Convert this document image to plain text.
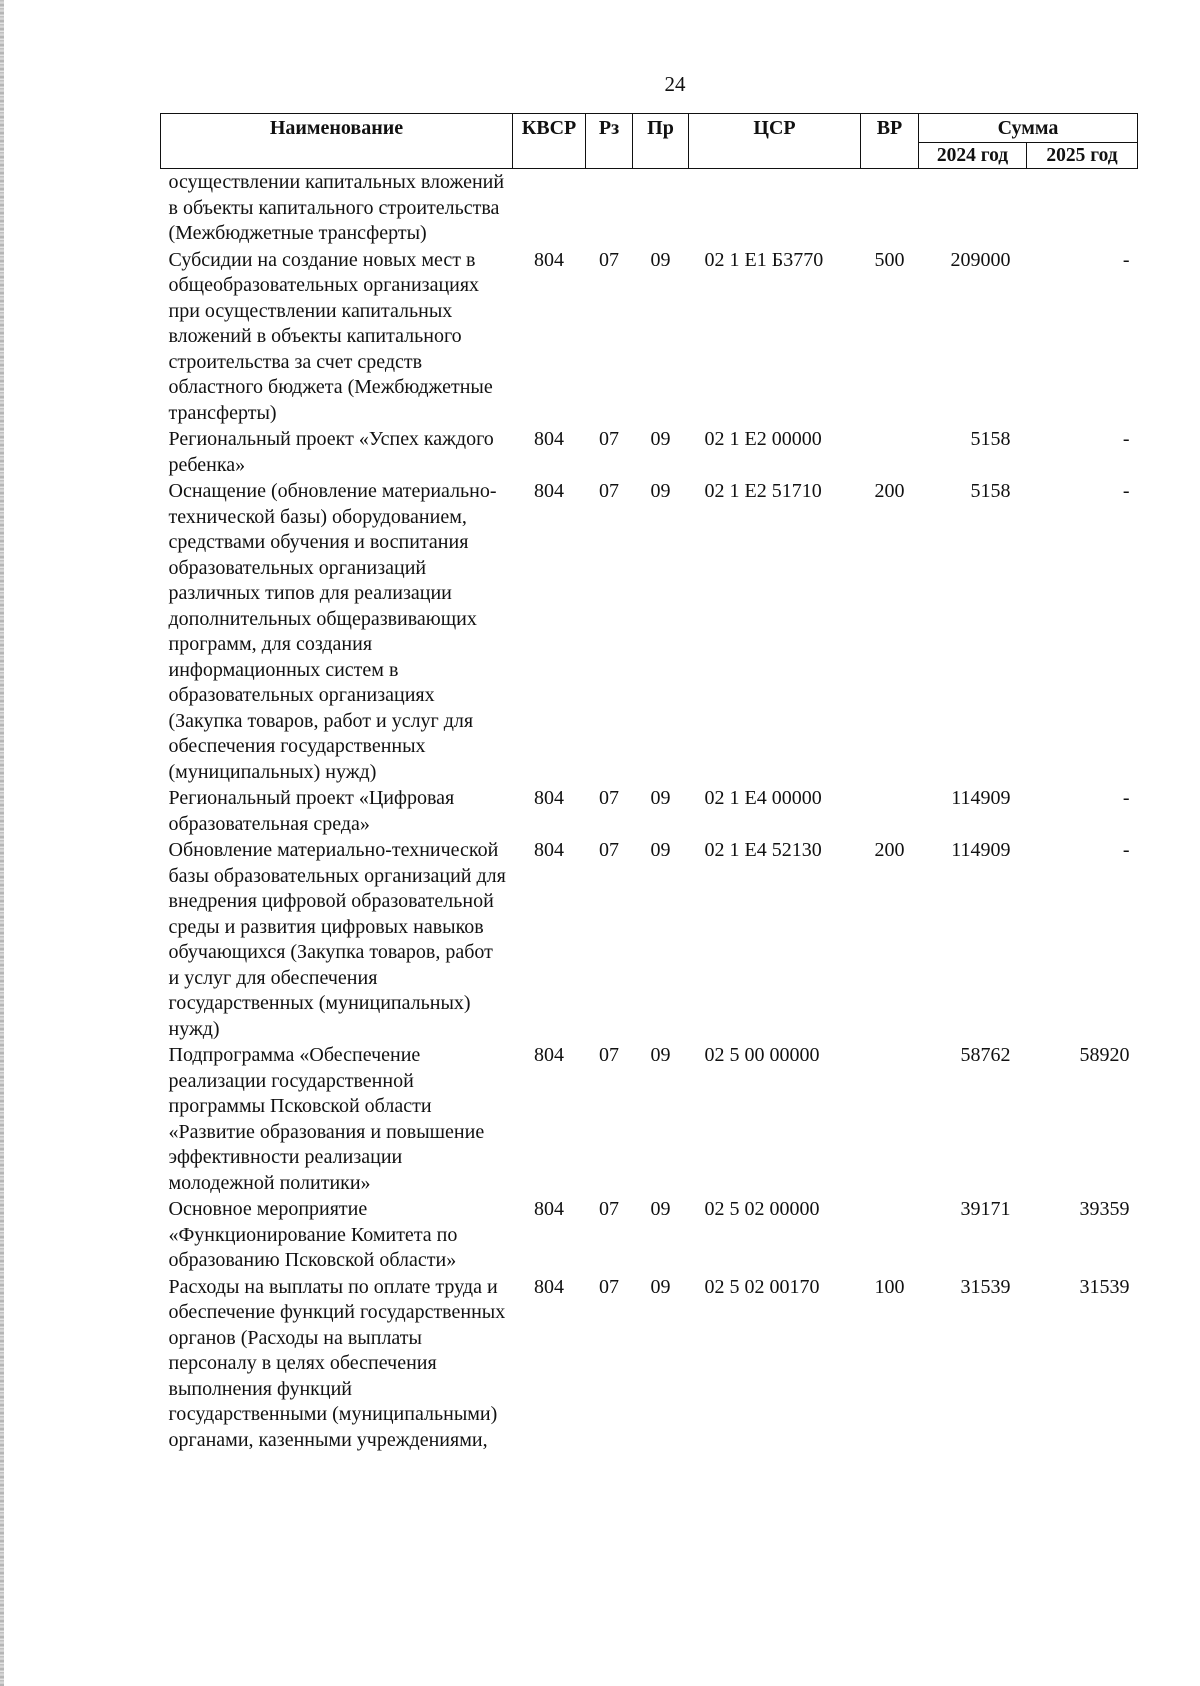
24
Наименование	КВСР	Рз	Пр	ЦСР	ВР	Сумма	
						2024 год	2025 год
осуществлении капитальных вложений в объекты капитального строительства (Межбюджетные трансферты)							
Субсидии на создание новых мест в общеобразовательных организациях при осуществлении капитальных вложений в объекты капитального строительства за счет средств областного бюджета (Межбюджетные трансферты)	804	07	09	02 1 E1 Б3770	500	209000	-
Региональный проект «Успех каждого ребенка»	804	07	09	02 1 E2 00000		5158	-
Оснащение (обновление материально-технической базы) оборудованием, средствами обучения и воспитания образовательных организаций различных типов для реализации дополнительных общеразвивающих программ, для создания информационных систем в образовательных организациях (Закупка товаров, работ и услуг для обеспечения государственных (муниципальных) нужд)	804	07	09	02 1 E2 51710	200	5158	-
Региональный проект «Цифровая образовательная среда»	804	07	09	02 1 E4 00000		114909	-
Обновление материально-технической базы образовательных организаций для внедрения цифровой образовательной среды и развития цифровых навыков обучающихся (Закупка товаров, работ и услуг для обеспечения государственных (муниципальных) нужд)	804	07	09	02 1 E4 52130	200	114909	-
Подпрограмма «Обеспечение реализации государственной программы Псковской области «Развитие образования и повышение эффективности реализации молодежной политики»	804	07	09	02 5 00 00000		58762	58920
Основное мероприятие «Функционирование Комитета по образованию Псковской области»	804	07	09	02 5 02 00000		39171	39359
Расходы на выплаты по оплате труда и обеспечение функций государственных органов (Расходы на выплаты персоналу в целях обеспечения выполнения функций государственными (муниципальными) органами, казенными учреждениями,	804	07	09	02 5 02 00170	100	31539	31539
